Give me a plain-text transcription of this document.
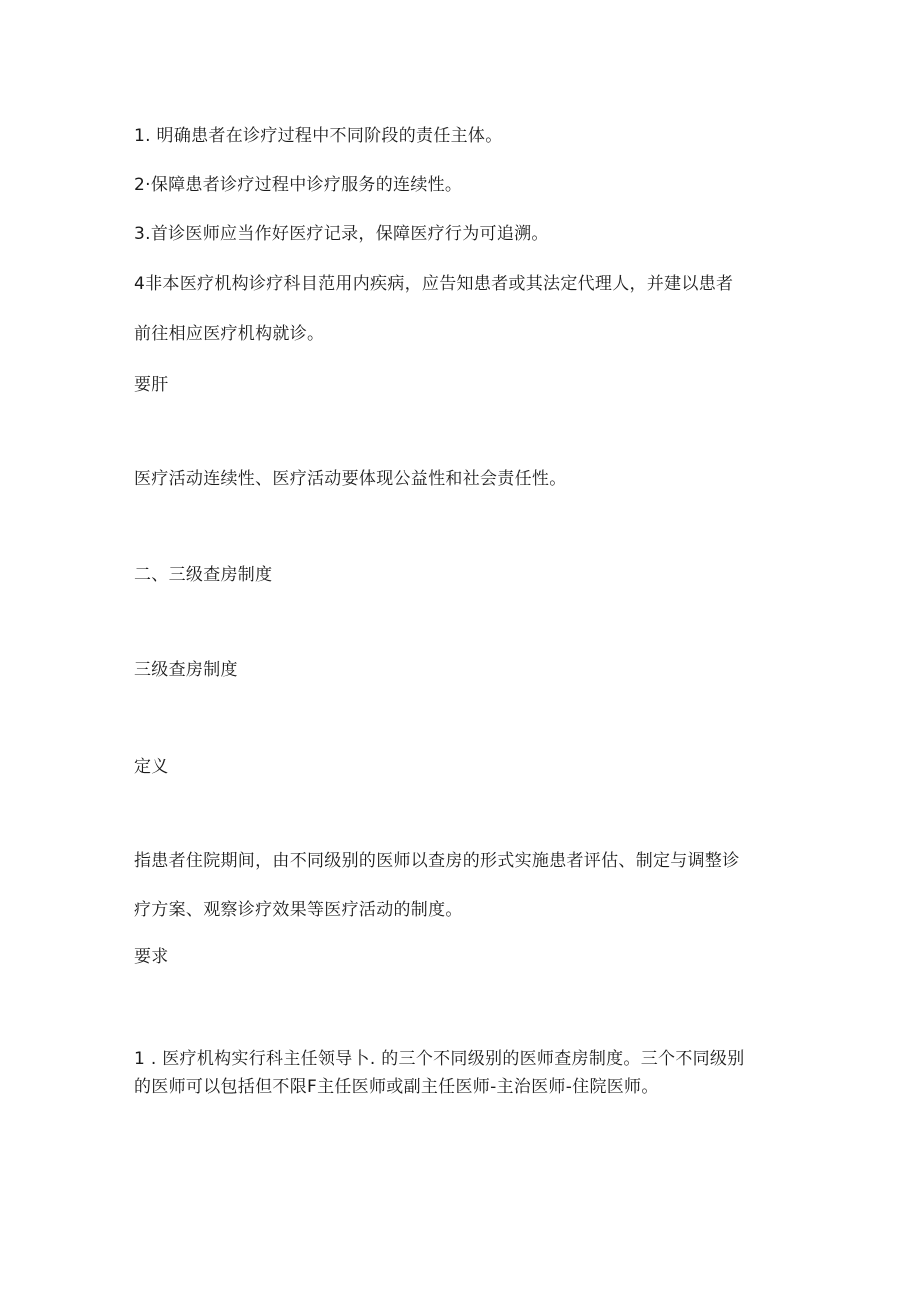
1. 明确患者在诊疗过程中不同阶段的责任主体。
2·保障患者诊疗过程中诊疗服务的连续性。
3.首诊医师应当作好医疗记录，保障医疗行为可追溯。
4非本医疗机构诊疗科目范用内疾病，应告知患者或其法定代理人，并建以患者
前往相应医疗机构就诊。
要肝
医疗活动连续性、医疗活动要体现公益性和社会责任性。
二、三级查房制度
三级查房制度
定义
指患者住院期间，由不同级别的医师以查房的形式实施患者评估、制定与调整诊
疗方案、观察诊疗效果等医疗活动的制度。
要求
1 . 医疗机构实行科主任领导卜. 的三个不同级别的医师查房制度。三个不同级别
的医师可以包括但不限F主任医师或副主任医师-主治医师-住院医师。
